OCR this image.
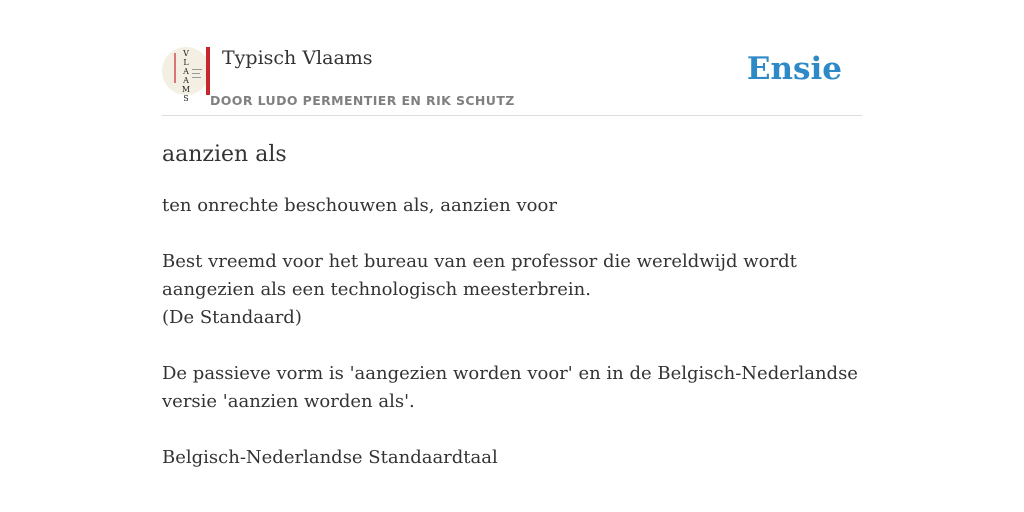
V
L
A
A
M
S
Typisch Vlaams
DOOR LUDO PERMENTIER EN RIK SCHUTZ
Ensie
aanzien als

ten onrechte beschouwen als, aanzien voor

Best vreemd voor het bureau van een professor die wereldwijd wordt aangezien als een technologisch meesterbrein.

(De Standaard)

De passieve vorm is 'aangezien worden voor' en in de Belgisch-Nederlandse versie 'aanzien worden als'.

Belgisch-Nederlandse Standaardtaal
